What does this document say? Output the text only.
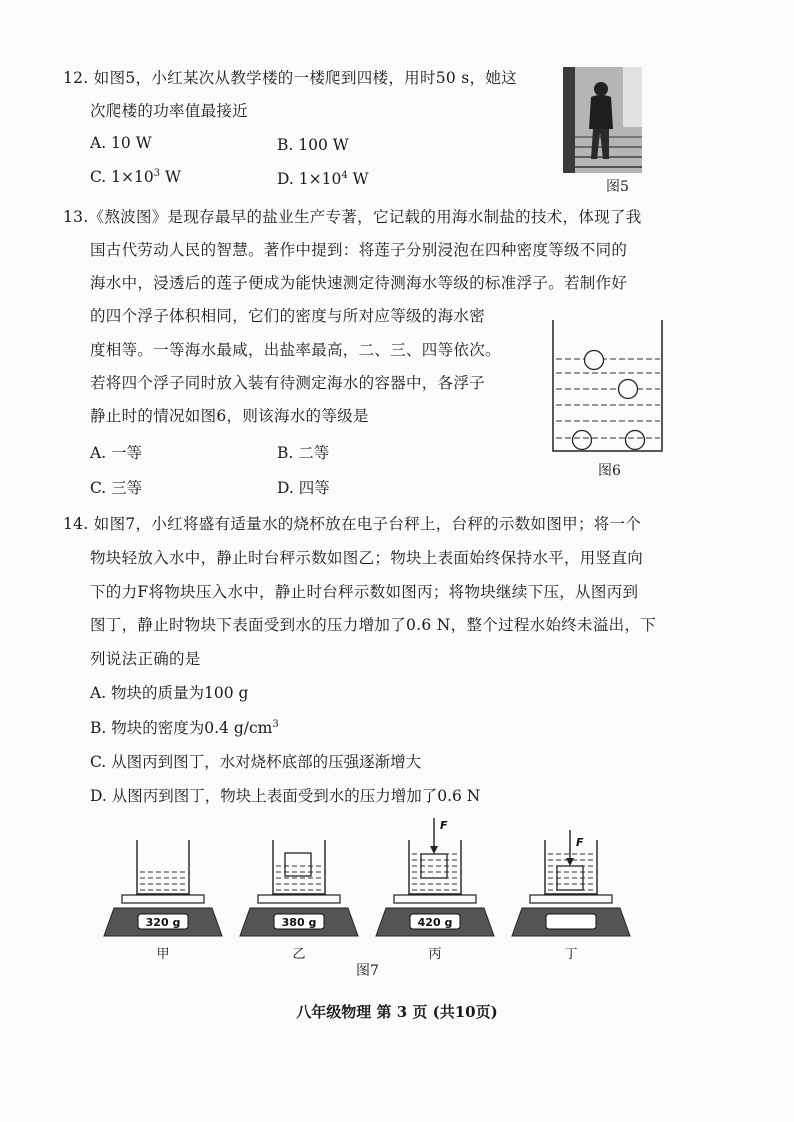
12. 如图5，小红某次从教学楼的一楼爬到四楼，用时50 s，她这
次爬楼的功率值最接近
A. 10 W	B. 100 W
C. $1\times 10^3$ W	D. $1\times 10^4$ W	图5
13.《熬波图》是现存最早的盐业生产专著，它记载的用海水制盐的技术，体现了我
国古代劳动人民的智慧。著作中提到：将莲子分别浸泡在四种密度等级不同的
海水中，浸透后的莲子便成为能快速测定待测海水等级的标准浮子。若制作好
的四个浮子体积相同，它们的密度与所对应等级的海水密
度相等。一等海水最咸，出盐率最高，二、三、四等依次。
若将四个浮子同时放入装有待测定海水的容器中，各浮子
静止时的情况如图6，则该海水的等级是
A. 一等	B. 二等
C. 三等	D. 四等
图6
14. 如图7，小红将盛有适量水的烧杯放在电子台秤上，台秤的示数如图甲；将一个
物块轻放入水中，静止时台秤示数如图乙；物块上表面始终保持水平，用竖直向
下的力F将物块压入水中，静止时台秤示数如图丙；将物块继续下压，从图丙到
图丁，静止时物块下表面受到水的压力增加了0.6 N，整个过程水始终未溢出，下
列说法正确的是
A. 物块的质量为100 g
B. 物块的密度为0.4 $g/cm^3$
C. 从图丙到图丁，水对烧杯底部的压强逐渐增大
D. 从图丙到图丁，物块上表面受到水的压力增加了0.6 N
320 g	380 g
F
420 g
F
甲	乙	丙	丁
图7
八年级物理 第 3 页 (共10页)
